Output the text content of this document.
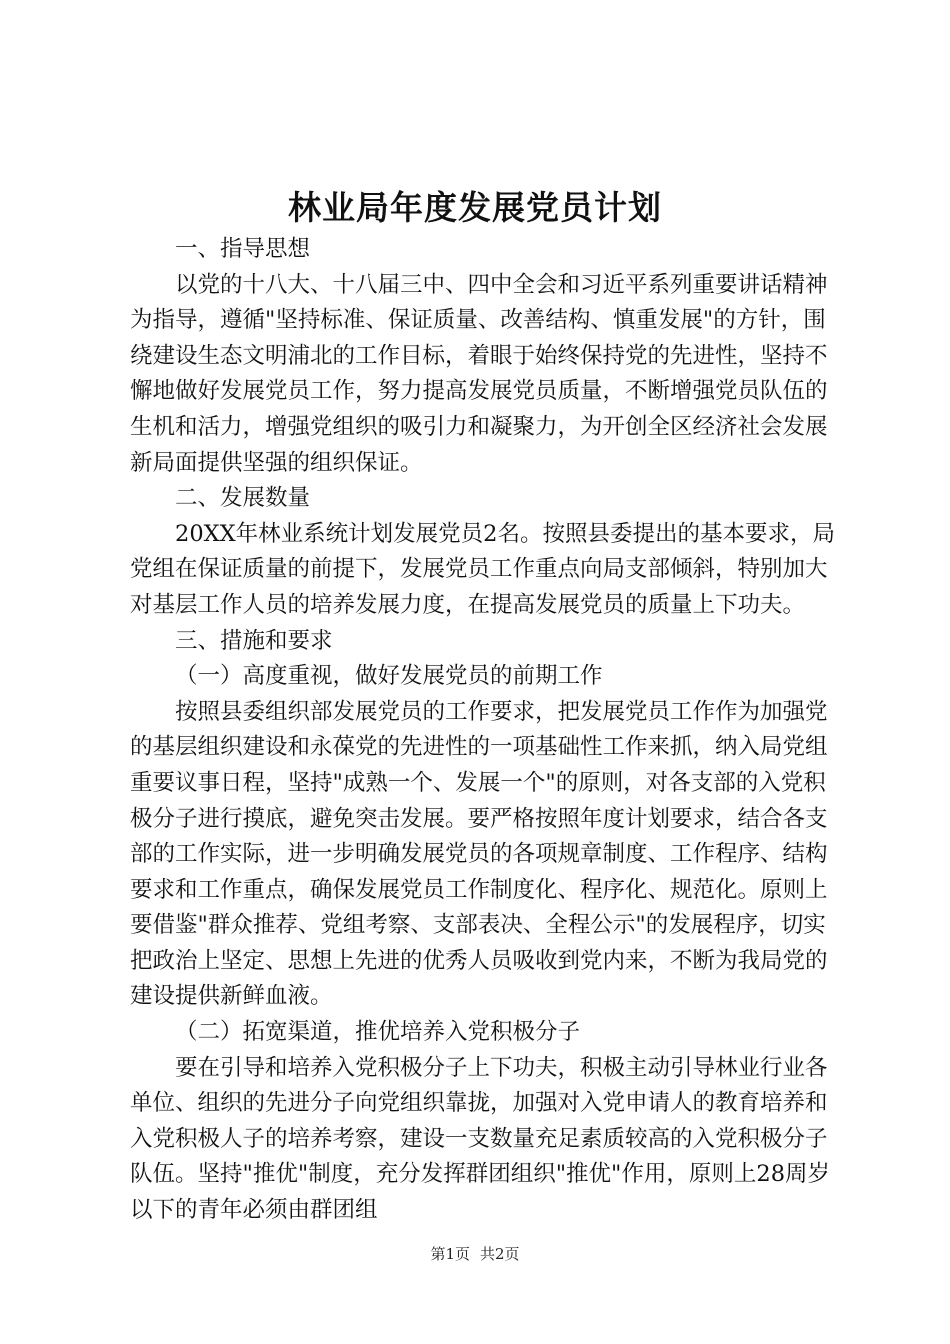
林业局年度发展党员计划

一、指导思想

以党的十八大、十八届三中、四中全会和习近平系列重要讲话精神为指导，遵循"坚持标准、保证质量、改善结构、慎重发展"的方针，围绕建设生态文明浦北的工作目标，着眼于始终保持党的先进性，坚持不懈地做好发展党员工作，努力提高发展党员质量，不断增强党员队伍的生机和活力，增强党组织的吸引力和凝聚力，为开创全区经济社会发展新局面提供坚强的组织保证。

二、发展数量

20XX年林业系统计划发展党员2名。按照县委提出的基本要求，局党组在保证质量的前提下，发展党员工作重点向局支部倾斜，特别加大对基层工作人员的培养发展力度，在提高发展党员的质量上下功夫。

三、措施和要求

（一）高度重视，做好发展党员的前期工作

按照县委组织部发展党员的工作要求，把发展党员工作作为加强党的基层组织建设和永葆党的先进性的一项基础性工作来抓，纳入局党组重要议事日程，坚持"成熟一个、发展一个"的原则，对各支部的入党积极分子进行摸底，避免突击发展。要严格按照年度计划要求，结合各支部的工作实际，进一步明确发展党员的各项规章制度、工作程序、结构要求和工作重点，确保发展党员工作制度化、程序化、规范化。原则上要借鉴"群众推荐、党组考察、支部表决、全程公示"的发展程序，切实把政治上坚定、思想上先进的优秀人员吸收到党内来，不断为我局党的建设提供新鲜血液。

（二）拓宽渠道，推优培养入党积极分子

要在引导和培养入党积极分子上下功夫，积极主动引导林业行业各单位、组织的先进分子向党组织靠拢，加强对入党申请人的教育培养和入党积极人子的培养考察，建设一支数量充足素质较高的入党积极分子队伍。坚持"推优"制度，充分发挥群团组织"推优"作用，原则上28周岁以下的青年必须由群团组

第1页 共2页
